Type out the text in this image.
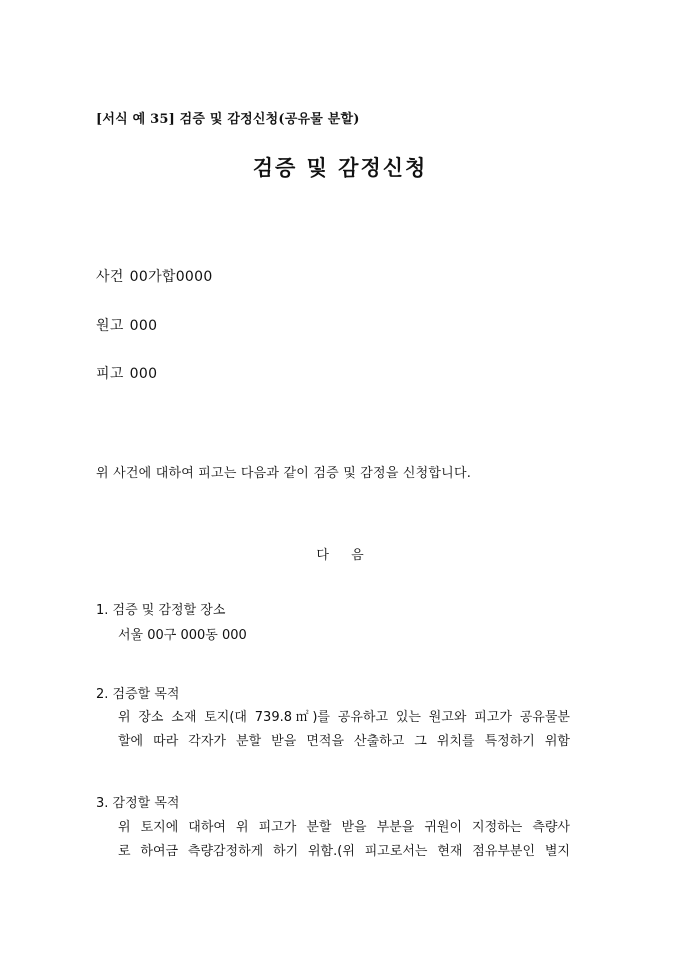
[서식 예 35] 검증 및 감정신청(공유물 분할)
검증 및 감정신청
사건 00가합0000
원고 000
피고 000
위 사건에 대하여 피고는 다음과 같이 검증 및 감정을 신청합니다.
다 음
1. 검증 및 감정할 장소
서울 00구 000동 000
2. 검증할 목적
위 장소 소재 토지(대 739.8㎡)를 공유하고 있는 원고와 피고가 공유물분
할에 따라 각자가 분할 받을 면적을 산출하고 그 위치를 특정하기 위함
3. 감정할 목적
위 토지에 대하여 위 피고가 분할 받을 부분을 귀원이 지정하는 측량사
로 하여금 측량감정하게 하기 위함.(위 피고로서는 현재 점유부분인 별지
